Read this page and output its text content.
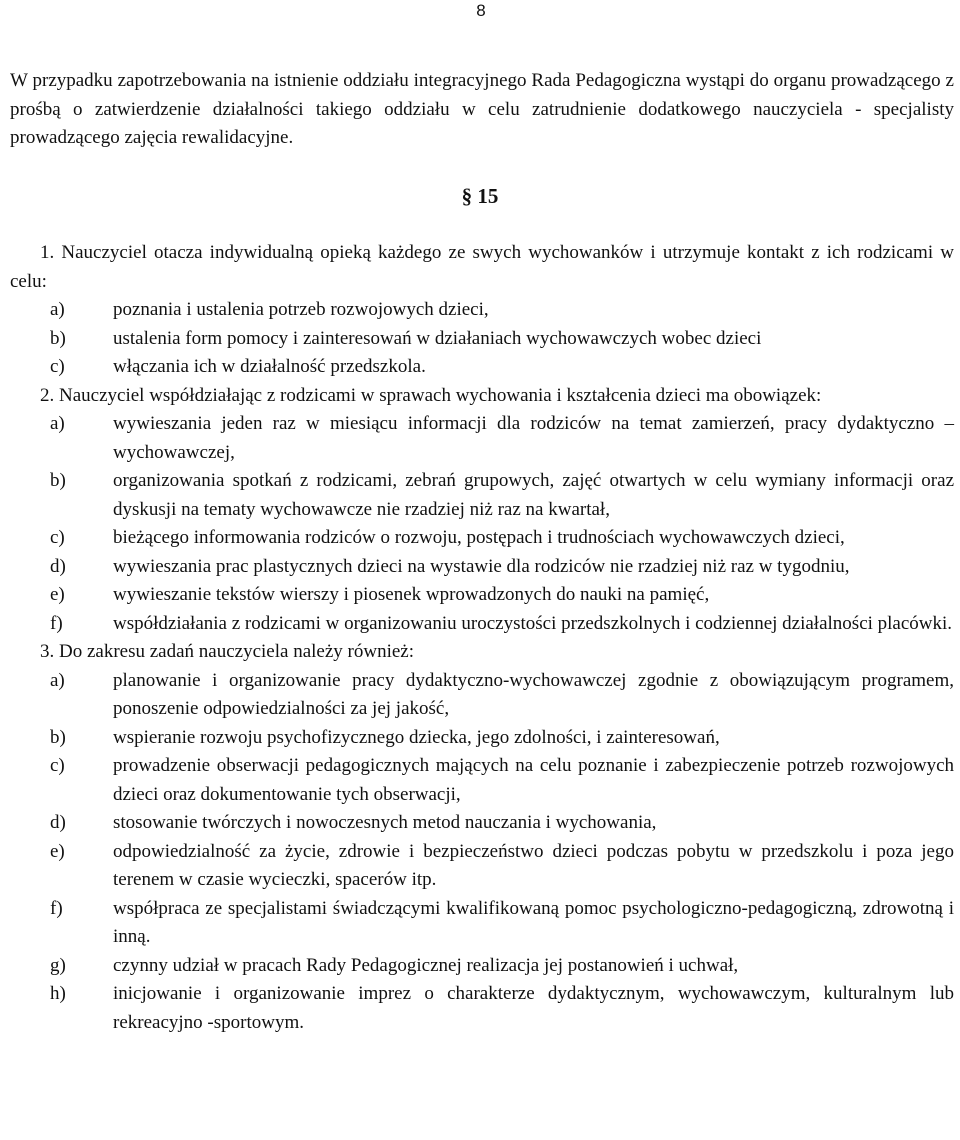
8

W przypadku zapotrzebowania na istnienie oddziału integracyjnego Rada Pedagogiczna wystąpi do organu prowadzącego z prośbą o zatwierdzenie działalności takiego oddziału w celu zatrudnienie dodatkowego nauczyciela - specjalisty prowadzącego zajęcia rewalidacyjne.

§ 15
1. Nauczyciel otacza indywidualną opieką każdego ze swych wychowanków i utrzymuje kontakt z ich rodzicami w celu:
a)	poznania i ustalenia potrzeb rozwojowych dzieci,
b) ustalenia form pomocy i zainteresowań w działaniach wychowawczych wobec dzieci
c)	włączania ich w działalność przedszkola.
2. Nauczyciel współdziałając z rodzicami w sprawach wychowania i kształcenia dzieci ma obowiązek:
a)	wywieszania jeden raz w miesiącu informacji dla rodziców na temat zamierzeń, pracy dydaktyczno –wychowawczej,
b) organizowania spotkań z rodzicami, zebrań grupowych, zajęć otwartych w celu wymiany informacji oraz dyskusji na tematy wychowawcze nie rzadziej niż raz na kwartał,
c)	bieżącego informowania rodziców o rozwoju, postępach i trudnościach wychowawczych dzieci,
d) wywieszania prac plastycznych dzieci na wystawie dla rodziców nie rzadziej niż raz w tygodniu,
e)	wywieszanie tekstów wierszy i piosenek wprowadzonych do nauki na pamięć,
f)	współdziałania z rodzicami w organizowaniu uroczystości przedszkolnych i codziennej działalności placówki.
3. Do zakresu zadań nauczyciela należy również:
a)	planowanie i organizowanie pracy dydaktyczno-wychowawczej zgodnie z obowiązującym programem, ponoszenie odpowiedzialności za jej jakość,
b) wspieranie rozwoju psychofizycznego dziecka, jego zdolności, i zainteresowań,
c)	prowadzenie obserwacji pedagogicznych mających na celu poznanie i zabezpieczenie potrzeb rozwojowych dzieci oraz dokumentowanie tych obserwacji,
d) stosowanie twórczych i nowoczesnych metod nauczania i wychowania,
e)	odpowiedzialność za życie, zdrowie i bezpieczeństwo dzieci podczas pobytu w przedszkolu i poza jego terenem w czasie wycieczki, spacerów itp.
f)	współpraca ze specjalistami świadczącymi kwalifikowaną pomoc psychologiczno-pedagogiczną, zdrowotną i inną.
g) czynny udział w pracach Rady Pedagogicznej realizacja jej postanowień i uchwał,
h) inicjowanie i organizowanie imprez o charakterze dydaktycznym, wychowawczym, kulturalnym lub rekreacyjno -sportowym.
